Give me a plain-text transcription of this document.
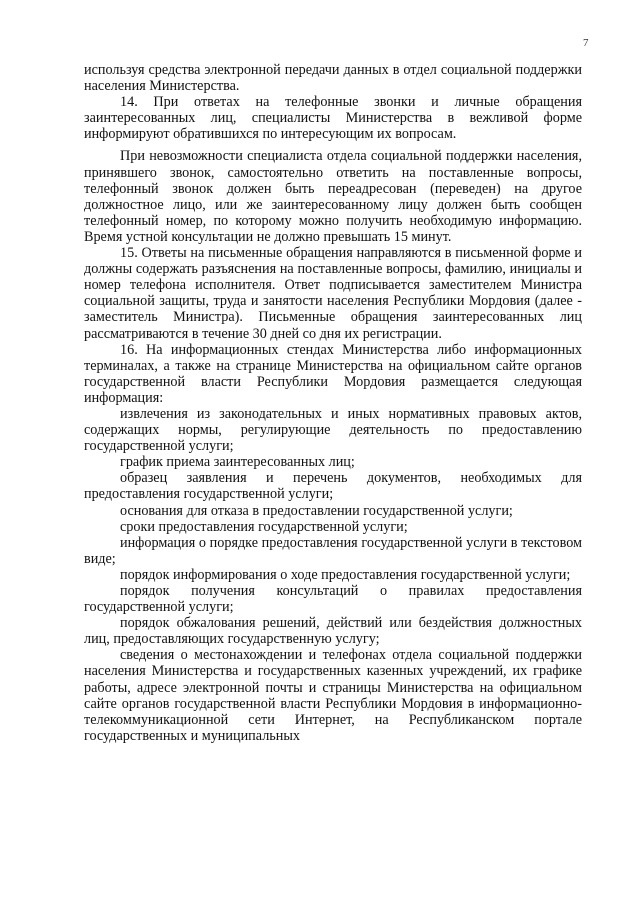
7

используя средства электронной передачи данных в отдел социальной поддержки населения Министерства.

14. При ответах на телефонные звонки и личные обращения заинтересованных лиц, специалисты Министерства в вежливой форме информируют обратившихся по интересующим их вопросам.

При невозможности специалиста отдела социальной поддержки населения, принявшего звонок, самостоятельно ответить на поставленные вопросы, телефонный звонок должен быть переадресован (переведен) на другое должностное лицо, или же заинтересованному лицу должен быть сообщен телефонный номер, по которому можно получить необходимую информацию. Время устной консультации не должно превышать 15 минут.

15. Ответы на письменные обращения направляются в письменной форме и должны содержать разъяснения на поставленные вопросы, фамилию, инициалы и номер телефона исполнителя. Ответ подписывается заместителем Министра социальной защиты, труда и занятости населения Республики Мордовия (далее - заместитель Министра). Письменные обращения заинтересованных лиц рассматриваются в течение 30 дней со дня их регистрации.

16. На информационных стендах Министерства либо информационных терминалах, а также на странице Министерства на официальном сайте органов государственной власти Республики Мордовия размещается следующая информация:

извлечения из законодательных и иных нормативных правовых актов, содержащих нормы, регулирующие деятельность по предоставлению государственной услуги;

график приема заинтересованных лиц;

образец заявления и перечень документов, необходимых для предоставления государственной услуги;

основания для отказа в предоставлении государственной услуги;

сроки предоставления государственной услуги;

информация о порядке предоставления государственной услуги в текстовом виде;

порядок информирования о ходе предоставления государственной услуги;

порядок получения консультаций о правилах предоставления государственной услуги;

порядок обжалования решений, действий или бездействия должностных лиц, предоставляющих государственную услугу;

сведения о местонахождении и телефонах отдела социальной поддержки населения Министерства и государственных казенных учреждений, их графике работы, адресе электронной почты и страницы Министерства на официальном сайте органов государственной власти Республики Мордовия в информационно-телекоммуникационной сети Интернет, на Республиканском портале государственных и муниципальных
